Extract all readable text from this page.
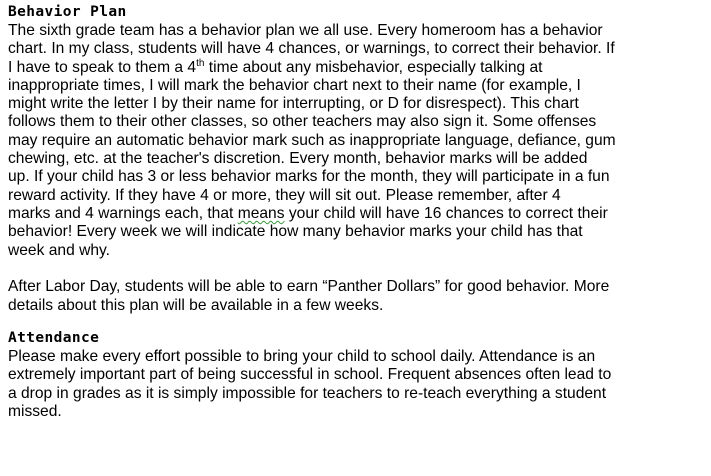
Behavior Plan
The sixth grade team has a behavior plan we all use. Every homeroom has a behavior
chart. In my class, students will have 4 chances, or warnings, to correct their behavior. If
I have to speak to them a 4th time about any misbehavior, especially talking at
inappropriate times, I will mark the behavior chart next to their name (for example, I
might write the letter I by their name for interrupting, or D for disrespect). This chart
follows them to their other classes, so other teachers may also sign it. Some offenses
may require an automatic behavior mark such as inappropriate language, defiance, gum
chewing, etc. at the teacher's discretion. Every month, behavior marks will be added
up. If your child has 3 or less behavior marks for the month, they will participate in a fun
reward activity. If they have 4 or more, they will sit out. Please remember, after 4
marks and 4 warnings each, that means your child will have 16 chances to correct their
behavior! Every week we will indicate how many behavior marks your child has that
week and why.
After Labor Day, students will be able to earn “Panther Dollars” for good behavior. More
details about this plan will be available in a few weeks.
Attendance
Please make every effort possible to bring your child to school daily. Attendance is an
extremely important part of being successful in school. Frequent absences often lead to
a drop in grades as it is simply impossible for teachers to re-teach everything a student
missed.
